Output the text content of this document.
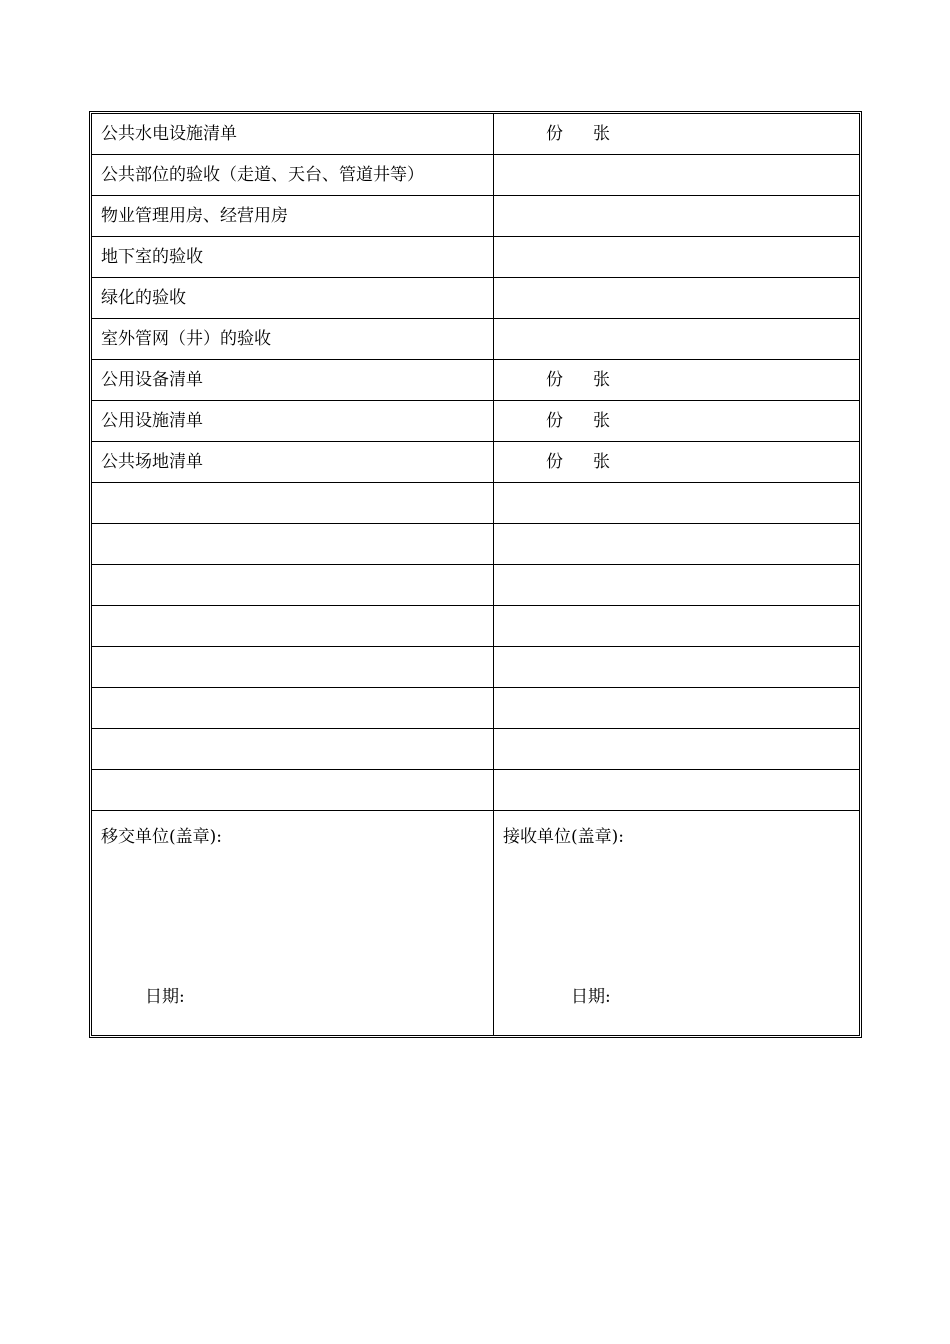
公共水电设施清单	份 张
公共部位的验收（走道、天台、管道井等）
物业管理用房、经营用房
地下室的验收
绿化的验收
室外管网（井）的验收
公用设备清单	份 张
公用设施清单	份 张
公共场地清单	份 张
移交单位(盖章):
日期:
接收单位(盖章):
日期:
